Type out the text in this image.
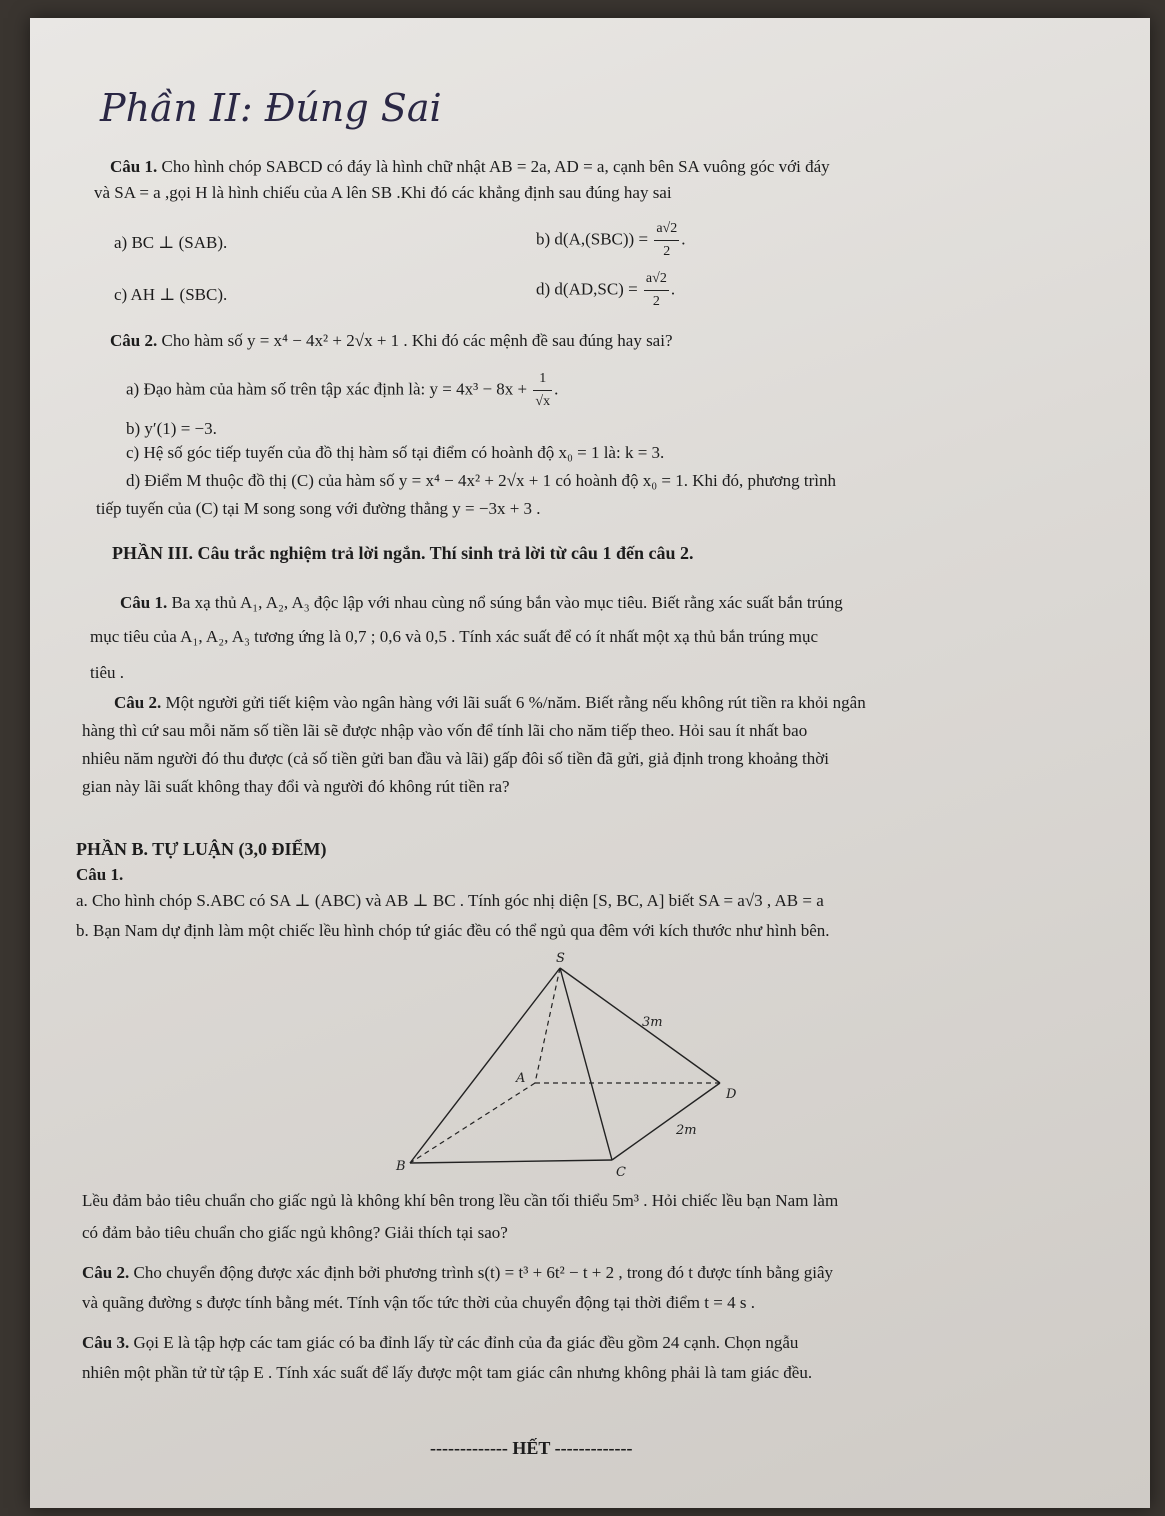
Phần II: Đúng Sai
Câu 1. Cho hình chóp SABCD có đáy là hình chữ nhật AB = 2a, AD = a, cạnh bên SA vuông góc với đáy
và SA = a ,gọi H là hình chiếu của A lên SB .Khi đó các khẳng định sau đúng hay sai
a) BC ⊥ (SAB).	b) $d(A,(SBC)) = \frac{a√2}{2}$ .
c) AH ⊥ (SBC).	d) $d(AD,SC) = \frac{a√2}{2}$ .
Câu 2. Cho hàm số y = x⁴ − 4x² + 2√x + 1 . Khi đó các mệnh đề sau đúng hay sai?
a) Đạo hàm của hàm số trên tập xác định là: $y = 4x^3 - 8x + \frac{1}{√x}$ .
b) y′(1) = −3.
c) Hệ số góc tiếp tuyến của đồ thị hàm số tại điểm có hoành độ x₀ = 1 là: k = 3.
d) Điểm M thuộc đồ thị (C) của hàm số y = x⁴ − 4x² + 2√x + 1 có hoành độ x₀ = 1. Khi đó, phương trình
tiếp tuyến của (C) tại M song song với đường thẳng y = −3x + 3 .
PHẦN III. Câu trắc nghiệm trả lời ngắn. Thí sinh trả lời từ câu 1 đến câu 2.
Câu 1. Ba xạ thủ A₁, A₂, A₃ độc lập với nhau cùng nổ súng bắn vào mục tiêu. Biết rằng xác suất bắn trúng
mục tiêu của A₁, A₂, A₃ tương ứng là 0,7 ; 0,6 và 0,5 . Tính xác suất để có ít nhất một xạ thủ bắn trúng mục
tiêu .
Câu 2. Một người gửi tiết kiệm vào ngân hàng với lãi suất 6 %/năm. Biết rằng nếu không rút tiền ra khỏi ngân
hàng thì cứ sau mỗi năm số tiền lãi sẽ được nhập vào vốn để tính lãi cho năm tiếp theo. Hỏi sau ít nhất bao
nhiêu năm người đó thu được (cả số tiền gửi ban đầu và lãi) gấp đôi số tiền đã gửi, giả định trong khoảng thời
gian này lãi suất không thay đổi và người đó không rút tiền ra?
PHẦN B. TỰ LUẬN (3,0 ĐIỂM)
Câu 1.
a. Cho hình chóp S.ABC có SA ⊥ (ABC) và AB ⊥ BC . Tính góc nhị diện [S, BC, A] biết SA = a√3 , AB = a
b. Bạn Nam dự định làm một chiếc lều hình chóp tứ giác đều có thể ngủ qua đêm với kích thước như hình bên.
S
A
B	C
D
3m
2m
Lều đảm bảo tiêu chuẩn cho giấc ngủ là không khí bên trong lều cần tối thiểu 5m³ . Hỏi chiếc lều bạn Nam làm
có đảm bảo tiêu chuẩn cho giấc ngủ không? Giải thích tại sao?
Câu 2. Cho chuyển động được xác định bởi phương trình s(t) = t³ + 6t² − t + 2 , trong đó t được tính bằng giây
và quãng đường s được tính bằng mét. Tính vận tốc tức thời của chuyển động tại thời điểm t = 4 s .
Câu 3. Gọi E là tập hợp các tam giác có ba đỉnh lấy từ các đỉnh của đa giác đều gồm 24 cạnh. Chọn ngẫu
nhiên một phần tử từ tập E . Tính xác suất để lấy được một tam giác cân nhưng không phải là tam giác đều.
------------- HẾT -------------
